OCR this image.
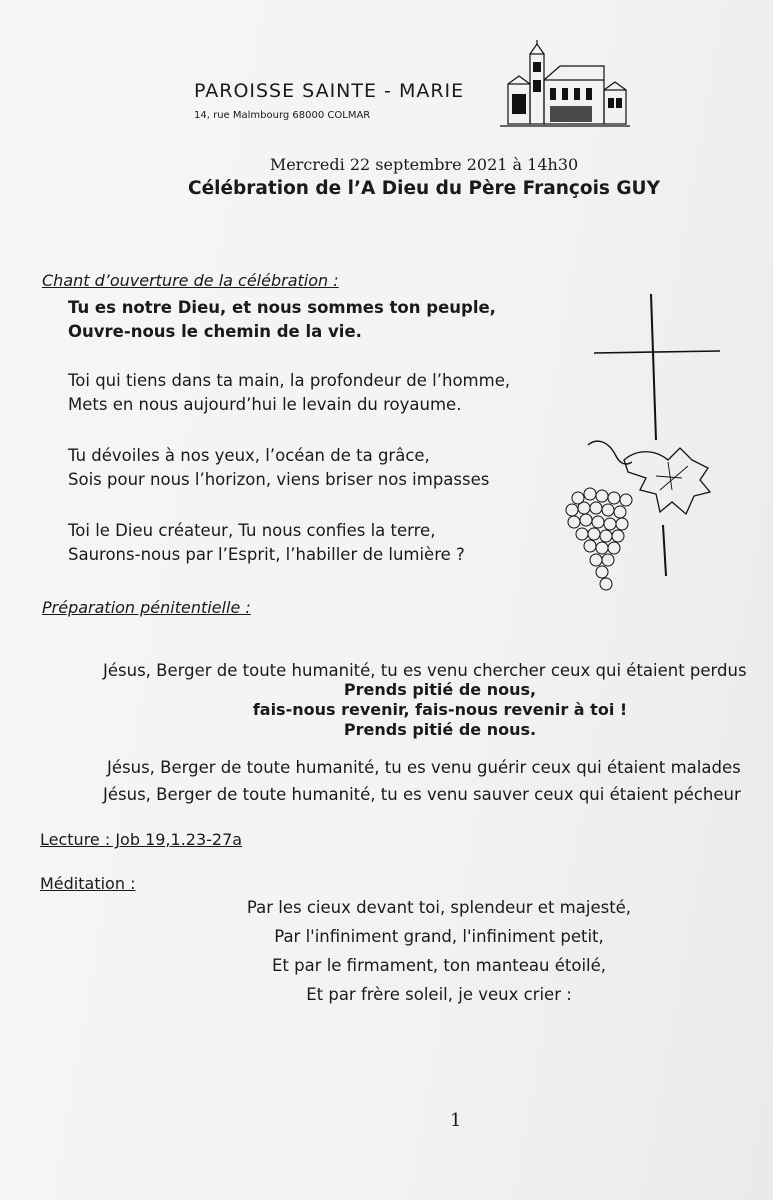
PAROISSE SAINTE - MARIE
14, rue Malmbourg 68000 COLMAR
Mercredi 22 septembre 2021 à 14h30
Célébration de l’A Dieu du Père François GUY
Chant d’ouverture de la célébration :
Tu es notre Dieu, et nous sommes ton peuple,
Ouvre-nous le chemin de la vie.
Toi qui tiens dans ta main, la profondeur de l’homme,
Mets en nous aujourd’hui le levain du royaume.
Tu dévoiles à nos yeux, l’océan de ta grâce,
Sois pour nous l’horizon, viens briser nos impasses
Toi le Dieu créateur, Tu nous confies la terre,
Saurons-nous par l’Esprit, l’habiller de lumière ?
Préparation pénitentielle :
Jésus, Berger de toute humanité, tu es venu chercher ceux qui étaient perdus
Prends pitié de nous,
fais-nous revenir, fais-nous revenir à toi !
Prends pitié de nous.
Jésus, Berger de toute humanité, tu es venu guérir ceux qui étaient malades
Jésus, Berger de toute humanité, tu es venu sauver ceux qui étaient pécheur
Lecture : Job 19,1.23-27a
Méditation :
Par les cieux devant toi, splendeur et majesté,
Par l'infiniment grand, l'infiniment petit,
Et par le firmament, ton manteau étoilé,
Et par frère soleil, je veux crier :
1
